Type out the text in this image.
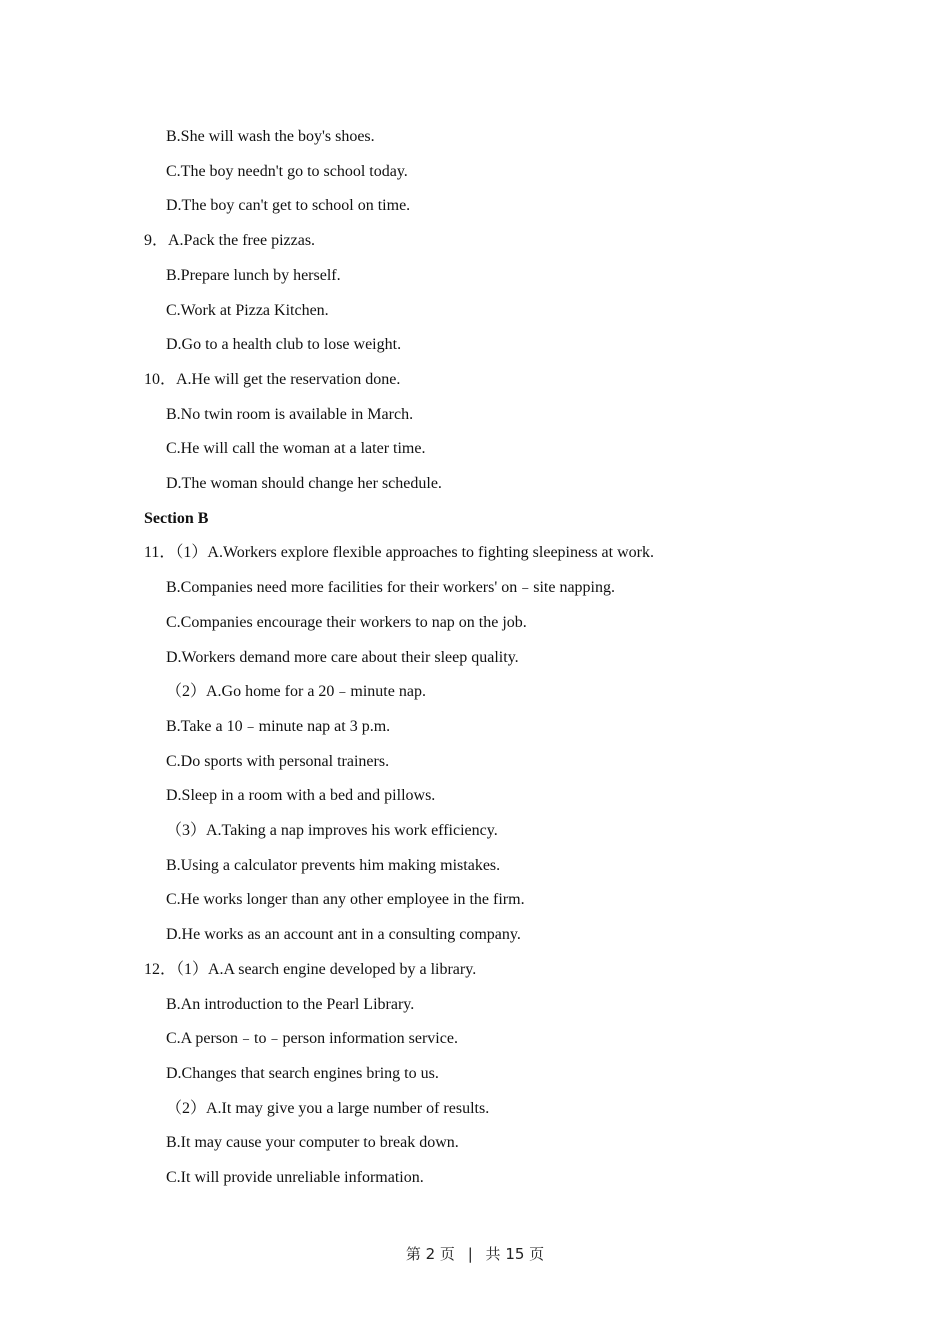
B.She will wash the boy's shoes.
C.The boy needn't go to school today.
D.The boy can't get to school on time.
9．A.Pack the free pizzas.
B.Prepare lunch by herself.
C.Work at Pizza Kitchen.
D.Go to a health club to lose weight.
10．A.He will get the reservation done.
B.No twin room is available in March.
C.He will call the woman at a later time.
D.The woman should change her schedule.
Section B
11．（1）A.Workers explore flexible approaches to fighting sleepiness at work.
B.Companies need more facilities for their workers' on﹣site napping.
C.Companies encourage their workers to nap on the job.
D.Workers demand more care about their sleep quality.
（2）A.Go home for a 20﹣minute nap.
B.Take a 10﹣minute nap at 3 p.m.
C.Do sports with personal trainers.
D.Sleep in a room with a bed and pillows.
（3）A.Taking a nap improves his work efficiency.
B.Using a calculator prevents him making mistakes.
C.He works longer than any other employee in the firm.
D.He works as an account ant in a consulting company.
12．（1）A.A search engine developed by a library.
B.An introduction to the Pearl Library.
C.A person﹣to﹣person information service.
D.Changes that search engines bring to us.
（2）A.It may give you a large number of results.
B.It may cause your computer to break down.
C.It will provide unreliable information.
第 2 页 | 共 15 页
